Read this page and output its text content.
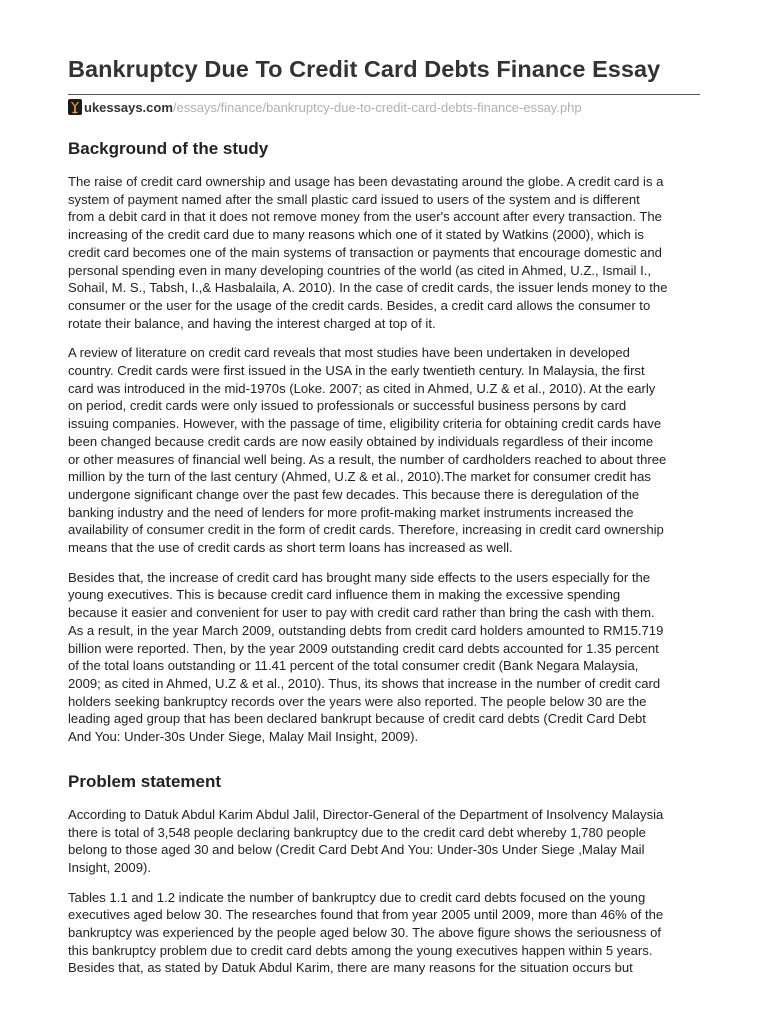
Bankruptcy Due To Credit Card Debts Finance Essay
ukessays.com /essays/finance/bankruptcy-due-to-credit-card-debts-finance-essay.php
Background of the study

The raise of credit card ownership and usage has been devastating around the globe. A credit card is a
system of payment named after the small plastic card issued to users of the system and is different
from a debit card in that it does not remove money from the user's account after every transaction. The
increasing of the credit card due to many reasons which one of it stated by Watkins (2000), which is
credit card becomes one of the main systems of transaction or payments that encourage domestic and
personal spending even in many developing countries of the world (as cited in Ahmed, U.Z., Ismail I.,
Sohail, M. S., Tabsh, I.,& Hasbalaila, A. 2010). In the case of credit cards, the issuer lends money to the
consumer or the user for the usage of the credit cards. Besides, a credit card allows the consumer to
rotate their balance, and having the interest charged at top of it.

A review of literature on credit card reveals that most studies have been undertaken in developed
country. Credit cards were first issued in the USA in the early twentieth century. In Malaysia, the first
card was introduced in the mid-1970s (Loke. 2007; as cited in Ahmed, U.Z & et al., 2010). At the early
on period, credit cards were only issued to professionals or successful business persons by card
issuing companies. However, with the passage of time, eligibility criteria for obtaining credit cards have
been changed because credit cards are now easily obtained by individuals regardless of their income
or other measures of financial well being. As a result, the number of cardholders reached to about three
million by the turn of the last century (Ahmed, U.Z & et al., 2010).The market for consumer credit has
undergone significant change over the past few decades. This because there is deregulation of the
banking industry and the need of lenders for more profit-making market instruments increased the
availability of consumer credit in the form of credit cards. Therefore, increasing in credit card ownership
means that the use of credit cards as short term loans has increased as well.

Besides that, the increase of credit card has brought many side effects to the users especially for the
young executives. This is because credit card influence them in making the excessive spending
because it easier and convenient for user to pay with credit card rather than bring the cash with them.
As a result, in the year March 2009, outstanding debts from credit card holders amounted to RM15.719
billion were reported. Then, by the year 2009 outstanding credit card debts accounted for 1.35 percent
of the total loans outstanding or 11.41 percent of the total consumer credit (Bank Negara Malaysia,
2009; as cited in Ahmed, U.Z & et al., 2010). Thus, its shows that increase in the number of credit card
holders seeking bankruptcy records over the years were also reported. The people below 30 are the
leading aged group that has been declared bankrupt because of credit card debts (Credit Card Debt
And You: Under-30s Under Siege, Malay Mail Insight, 2009).

Problem statement

According to Datuk Abdul Karim Abdul Jalil, Director-General of the Department of Insolvency Malaysia
there is total of 3,548 people declaring bankruptcy due to the credit card debt whereby 1,780 people
belong to those aged 30 and below (Credit Card Debt And You: Under-30s Under Siege ,Malay Mail
Insight, 2009).

Tables 1.1 and 1.2 indicate the number of bankruptcy due to credit card debts focused on the young
executives aged below 30. The researches found that from year 2005 until 2009, more than 46% of the
bankruptcy was experienced by the people aged below 30. The above figure shows the seriousness of
this bankruptcy problem due to credit card debts among the young executives happen within 5 years.
Besides that, as stated by Datuk Abdul Karim, there are many reasons for the situation occurs but
